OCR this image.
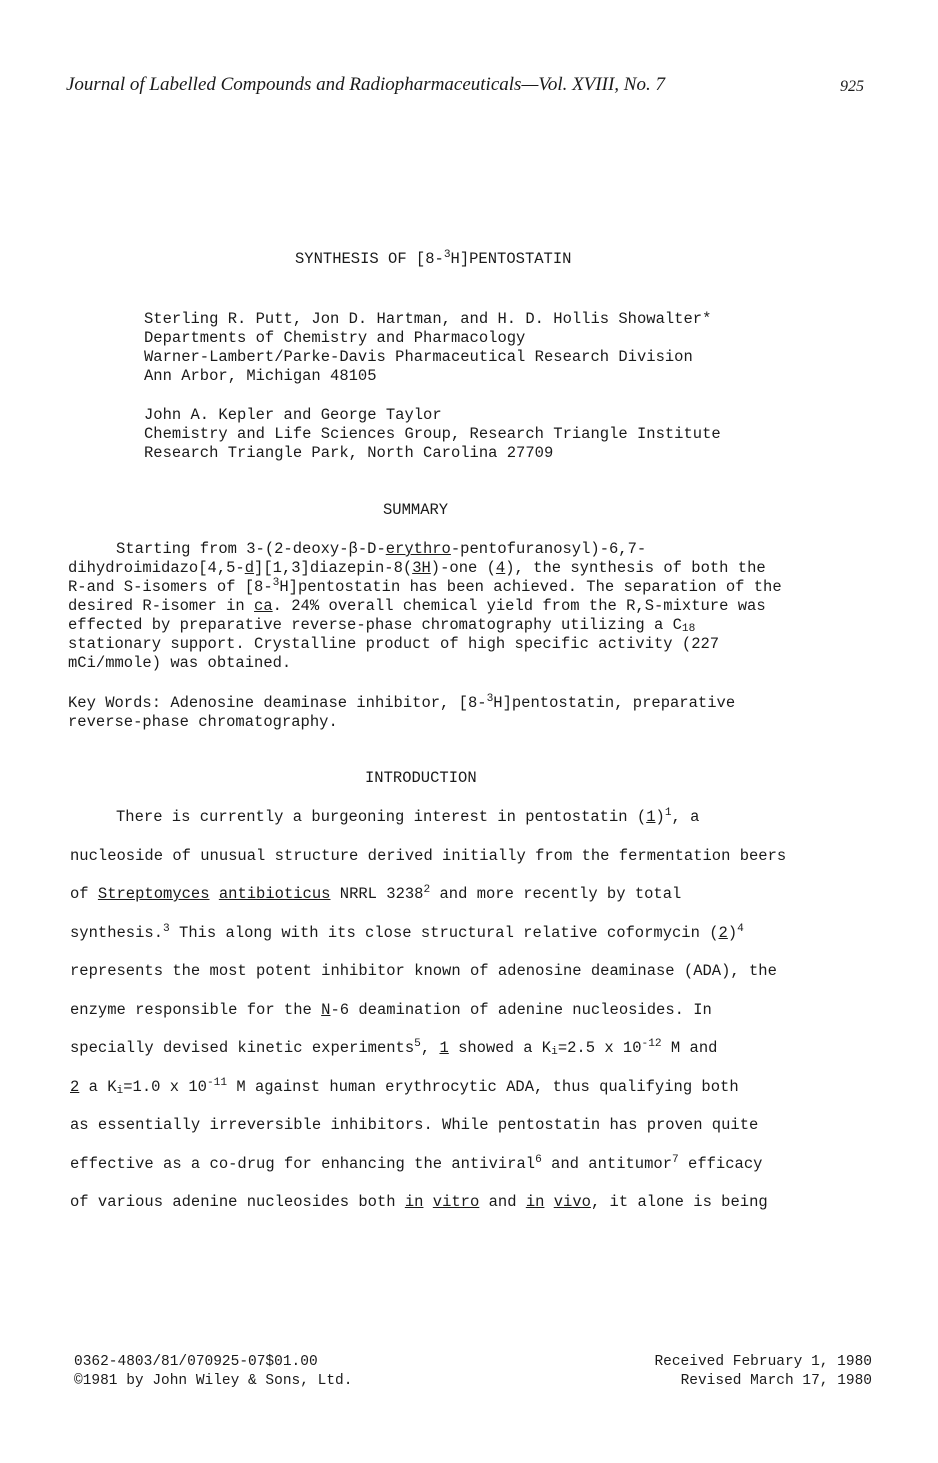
Journal of Labelled Compounds and Radiopharmaceuticals—Vol. XVIII, No. 7	925
SYNTHESIS OF [8-$^3$H]PENTOSTATIN
Sterling R. Putt, Jon D. Hartman, and H. D. Hollis Showalter*
Departments of Chemistry and Pharmacology
Warner-Lambert/Parke-Davis Pharmaceutical Research Division
Ann Arbor, Michigan 48105
John A. Kepler and George Taylor
Chemistry and Life Sciences Group, Research Triangle Institute
Research Triangle Park, North Carolina 27709
SUMMARY
Starting from 3-(2-deoxy-β-D-erythro-pentofuranosyl)-6,7-
dihydroimidazo[4,5-d][1,3]diazepin-8(3H)-one (4), the synthesis of both the
R-and S-isomers of [8-$^3$H]pentostatin has been achieved. The separation of the
desired R-isomer in ca. 24% overall chemical yield from the R,S-mixture was
effected by preparative reverse-phase chromatography utilizing a $C_{18}$
stationary support. Crystalline product of high specific activity (227
mCi/mmole) was obtained.
Key Words: Adenosine deaminase inhibitor, [8-$^3$H]pentostatin, preparative
reverse-phase chromatography.
INTRODUCTION
There is currently a burgeoning interest in pentostatin $(1)^1$, a
nucleoside of unusual structure derived initially from the fermentation beers
of Streptomyces antibioticus NRRL 3238$^2$ and more recently by total
synthesis.$^3$ This along with its close structural relative coformycin $(2)^4$
represents the most potent inhibitor known of adenosine deaminase (ADA), the
enzyme responsible for the N-6 deamination of adenine nucleosides. In
specially devised kinetic experiments$^5$, 1 showed a $K_i=2.5$ x $10^{-12}$ M and
2 a $K_i=1.0$ x $10^{-11}$ M against human erythrocytic ADA, thus qualifying both
as essentially irreversible inhibitors. While pentostatin has proven quite
effective as a co-drug for enhancing the antiviral$^6$ and antitumor$^7$ efficacy
of various adenine nucleosides both in vitro and in vivo, it alone is being
0362-4803/81/070925-07$01.00
©1981 by John Wiley & Sons, Ltd.
Received February 1, 1980
Revised March 17, 1980
